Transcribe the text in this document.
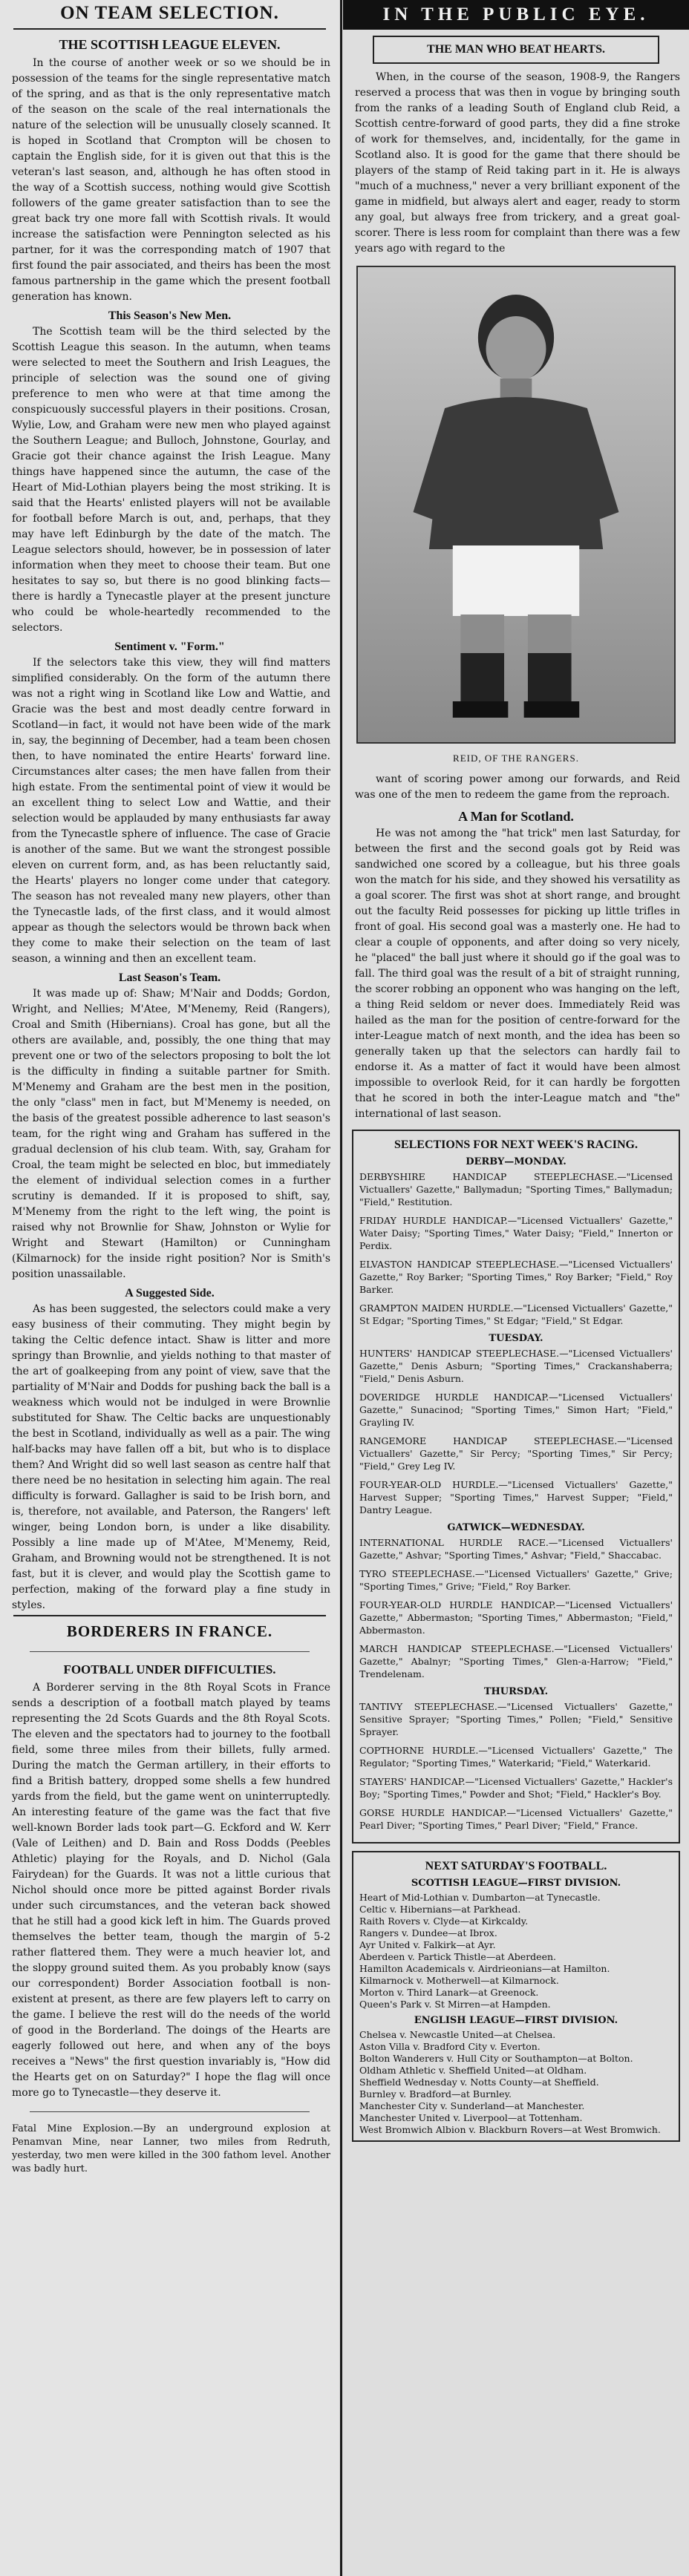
ON TEAM SELECTION.
THE SCOTTISH LEAGUE ELEVEN.

In the course of another week or so we should be in possession of the teams for the single representative match of the spring, and as that is the only representative match of the season on the scale of the real internationals the nature of the selection will be unusually closely scanned. It is hoped in Scotland that Crompton will be chosen to captain the English side, for it is given out that this is the veteran's last season, and, although he has often stood in the way of a Scottish success, nothing would give Scottish followers of the game greater satisfaction than to see the great back try one more fall with Scottish rivals. It would increase the satisfaction were Pennington selected as his partner, for it was the corresponding match of 1907 that first found the pair associated, and theirs has been the most famous partnership in the game which the present football generation has known.

This Season's New Men.

The Scottish team will be the third selected by the Scottish League this season. In the autumn, when teams were selected to meet the Southern and Irish Leagues, the principle of selection was the sound one of giving preference to men who were at that time among the conspicuously successful players in their positions. Crosan, Wylie, Low, and Graham were new men who played against the Southern League; and Bulloch, Johnstone, Gourlay, and Gracie got their chance against the Irish League. Many things have happened since the autumn, the case of the Heart of Mid-Lothian players being the most striking. It is said that the Hearts' enlisted players will not be available for football before March is out, and, perhaps, that they may have left Edinburgh by the date of the match. The League selectors should, however, be in possession of later information when they meet to choose their team. But one hesitates to say so, but there is no good blinking facts—there is hardly a Tynecastle player at the present juncture who could be whole-heartedly recommended to the selectors.

Sentiment v. "Form."

If the selectors take this view, they will find matters simplified considerably. On the form of the autumn there was not a right wing in Scotland like Low and Wattie, and Gracie was the best and most deadly centre forward in Scotland—in fact, it would not have been wide of the mark in, say, the beginning of December, had a team been chosen then, to have nominated the entire Hearts' forward line. Circumstances alter cases; the men have fallen from their high estate. From the sentimental point of view it would be an excellent thing to select Low and Wattie, and their selection would be applauded by many enthusiasts far away from the Tynecastle sphere of influence. The case of Gracie is another of the same. But we want the strongest possible eleven on current form, and, as has been reluctantly said, the Hearts' players no longer come under that category. The season has not revealed many new players, other than the Tynecastle lads, of the first class, and it would almost appear as though the selectors would be thrown back when they come to make their selection on the team of last season, a winning and then an excellent team.

Last Season's Team.

It was made up of: Shaw; M'Nair and Dodds; Gordon, Wright, and Nellies; M'Atee, M'Menemy, Reid (Rangers), Croal and Smith (Hibernians). Croal has gone, but all the others are available, and, possibly, the one thing that may prevent one or two of the selectors proposing to bolt the lot is the difficulty in finding a suitable partner for Smith. M'Menemy and Graham are the best men in the position, the only "class" men in fact, but M'Menemy is needed, on the basis of the greatest possible adherence to last season's team, for the right wing and Graham has suffered in the gradual declension of his club team. With, say, Graham for Croal, the team might be selected en bloc, but immediately the element of individual selection comes in a further scrutiny is demanded. If it is proposed to shift, say, M'Menemy from the right to the left wing, the point is raised why not Brownlie for Shaw, Johnston or Wylie for Wright and Stewart (Hamilton) or Cunningham (Kilmarnock) for the inside right position? Nor is Smith's position unassailable.

A Suggested Side.

As has been suggested, the selectors could make a very easy business of their commuting. They might begin by taking the Celtic defence intact. Shaw is litter and more springy than Brownlie, and yields nothing to that master of the art of goalkeeping from any point of view, save that the partiality of M'Nair and Dodds for pushing back the ball is a weakness which would not be indulged in were Brownlie substituted for Shaw. The Celtic backs are unquestionably the best in Scotland, individually as well as a pair. The wing half-backs may have fallen off a bit, but who is to displace them? And Wright did so well last season as centre half that there need be no hesitation in selecting him again. The real difficulty is forward. Gallagher is said to be Irish born, and is, therefore, not available, and Paterson, the Rangers' left winger, being London born, is under a like disability. Possibly a line made up of M'Atee, M'Menemy, Reid, Graham, and Browning would not be strengthened. It is not fast, but it is clever, and would play the Scottish game to perfection, making of the forward play a fine study in styles.

BORDERERS IN FRANCE.
FOOTBALL UNDER DIFFICULTIES.

A Borderer serving in the 8th Royal Scots in France sends a description of a football match played by teams representing the 2d Scots Guards and the 8th Royal Scots. The eleven and the spectators had to journey to the football field, some three miles from their billets, fully armed. During the match the German artillery, in their efforts to find a British battery, dropped some shells a few hundred yards from the field, but the game went on uninterruptedly. An interesting feature of the game was the fact that five well-known Border lads took part—G. Eckford and W. Kerr (Vale of Leithen) and D. Bain and Ross Dodds (Peebles Athletic) playing for the Royals, and D. Nichol (Gala Fairydean) for the Guards. It was not a little curious that Nichol should once more be pitted against Border rivals under such circumstances, and the veteran back showed that he still had a good kick left in him. The Guards proved themselves the better team, though the margin of 5-2 rather flattered them. They were a much heavier lot, and the sloppy ground suited them. As you probably know (says our correspondent) Border Association football is non-existent at present, as there are few players left to carry on the game. I believe the rest will do the needs of the world of good in the Borderland. The doings of the Hearts are eagerly followed out here, and when any of the boys receives a "News" the first question invariably is, "How did the Hearts get on on Saturday?" I hope the flag will once more go to Tynecastle—they deserve it.

Fatal Mine Explosion.—By an underground explosion at Penamvan Mine, near Lanner, two miles from Redruth, yesterday, two men were killed in the 300 fathom level. Another was badly hurt.

IN THE PUBLIC EYE.
THE MAN WHO BEAT HEARTS.

When, in the course of the season, 1908-9, the Rangers reserved a process that was then in vogue by bringing south from the ranks of a leading South of England club Reid, a Scottish centre-forward of good parts, they did a fine stroke of work for themselves, and, incidentally, for the game in Scotland also. It is good for the game that there should be players of the stamp of Reid taking part in it. He is always "much of a muchness," never a very brilliant exponent of the game in midfield, but always alert and eager, ready to storm any goal, but always free from trickery, and a great goal-scorer. There is less room for complaint than there was a few years ago with regard to the

REID, OF THE RANGERS.

want of scoring power among our forwards, and Reid was one of the men to redeem the game from the reproach.

A Man for Scotland.

He was not among the "hat trick" men last Saturday, for between the first and the second goals got by Reid was sandwiched one scored by a colleague, but his three goals won the match for his side, and they showed his versatility as a goal scorer. The first was shot at short range, and brought out the faculty Reid possesses for picking up little trifles in front of goal. His second goal was a masterly one. He had to clear a couple of opponents, and after doing so very nicely, he "placed" the ball just where it should go if the goal was to fall. The third goal was the result of a bit of straight running, the scorer robbing an opponent who was hanging on the left, a thing Reid seldom or never does. Immediately Reid was hailed as the man for the position of centre-forward for the inter-League match of next month, and the idea has been so generally taken up that the selectors can hardly fail to endorse it. As a matter of fact it would have been almost impossible to overlook Reid, for it can hardly be forgotten that he scored in both the inter-League match and "the" international of last season.

SELECTIONS FOR NEXT WEEK'S RACING.
DERBY—MONDAY.
DERBYSHIRE HANDICAP STEEPLECHASE.—"Licensed Victuallers' Gazette," Ballymadun; "Sporting Times," Ballymadun; "Field," Restitution.
FRIDAY HURDLE HANDICAP.—"Licensed Victuallers' Gazette," Water Daisy; "Sporting Times," Water Daisy; "Field," Innerton or Perdix.
ELVASTON HANDICAP STEEPLECHASE.—"Licensed Victuallers' Gazette," Roy Barker; "Sporting Times," Roy Barker; "Field," Roy Barker.
GRAMPTON MAIDEN HURDLE.—"Licensed Victuallers' Gazette," St Edgar; "Sporting Times," St Edgar; "Field," St Edgar.
TUESDAY.
HUNTERS' HANDICAP STEEPLECHASE.—"Licensed Victuallers' Gazette," Denis Asburn; "Sporting Times," Crackanshaberra; "Field," Denis Asburn.
DOVERIDGE HURDLE HANDICAP.—"Licensed Victuallers' Gazette," Sunacinod; "Sporting Times," Simon Hart; "Field," Grayling IV.
RANGEMORE HANDICAP STEEPLECHASE.—"Licensed Victuallers' Gazette," Sir Percy; "Sporting Times," Sir Percy; "Field," Grey Leg IV.
FOUR-YEAR-OLD HURDLE.—"Licensed Victuallers' Gazette," Harvest Supper; "Sporting Times," Harvest Supper; "Field," Dantry League.
GATWICK—WEDNESDAY.
INTERNATIONAL HURDLE RACE.—"Licensed Victuallers' Gazette," Ashvar; "Sporting Times," Ashvar; "Field," Shaccabac.
TYRO STEEPLECHASE.—"Licensed Victuallers' Gazette," Grive; "Sporting Times," Grive; "Field," Roy Barker.
FOUR-YEAR-OLD HURDLE HANDICAP.—"Licensed Victuallers' Gazette," Abbermaston; "Sporting Times," Abbermaston; "Field," Abbermaston.
MARCH HANDICAP STEEPLECHASE.—"Licensed Victuallers' Gazette," Abalnyr; "Sporting Times," Glen-a-Harrow; "Field," Trendelenam.
THURSDAY.
TANTIVY STEEPLECHASE.—"Licensed Victuallers' Gazette," Sensitive Sprayer; "Sporting Times," Pollen; "Field," Sensitive Sprayer.
COPTHORNE HURDLE.—"Licensed Victuallers' Gazette," The Regulator; "Sporting Times," Waterkarid; "Field," Waterkarid.
STAYERS' HANDICAP.—"Licensed Victuallers' Gazette," Hackler's Boy; "Sporting Times," Powder and Shot; "Field," Hackler's Boy.
GORSE HURDLE HANDICAP.—"Licensed Victuallers' Gazette," Pearl Diver; "Sporting Times," Pearl Diver; "Field," France.
NEXT SATURDAY'S FOOTBALL.
SCOTTISH LEAGUE—FIRST DIVISION.

Heart of Mid-Lothian v. Dumbarton—at Tynecastle.

Celtic v. Hibernians—at Parkhead.

Raith Rovers v. Clyde—at Kirkcaldy.

Rangers v. Dundee—at Ibrox.

Ayr United v. Falkirk—at Ayr.

Aberdeen v. Partick Thistle—at Aberdeen.

Hamilton Academicals v. Airdrieonians—at Hamilton.

Kilmarnock v. Motherwell—at Kilmarnock.

Morton v. Third Lanark—at Greenock.

Queen's Park v. St Mirren—at Hampden.

ENGLISH LEAGUE—FIRST DIVISION.

Chelsea v. Newcastle United—at Chelsea.

Aston Villa v. Bradford City v. Everton.

Bolton Wanderers v. Hull City or Southampton—at Bolton.

Oldham Athletic v. Sheffield United—at Oldham.

Sheffield Wednesday v. Notts County—at Sheffield.

Burnley v. Bradford—at Burnley.

Manchester City v. Sunderland—at Manchester.

Manchester United v. Liverpool—at Tottenham.

West Bromwich Albion v. Blackburn Rovers—at West Bromwich.
